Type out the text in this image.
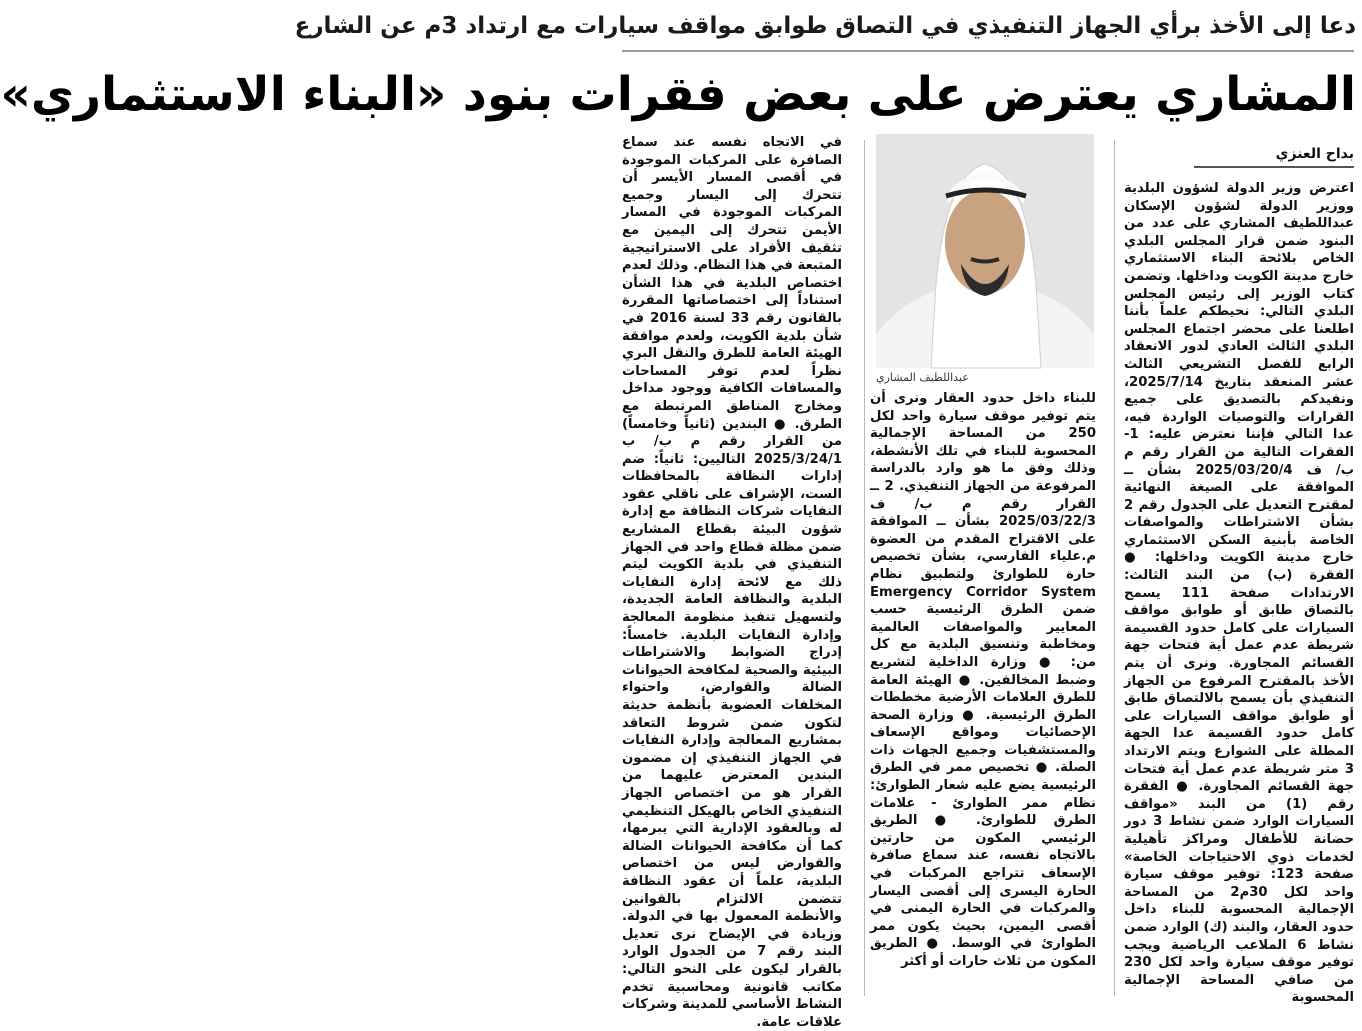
دعا إلى الأخذ برأي الجهاز التنفيذي في التصاق طوابق مواقف سيارات مع ارتداد 3م عن الشارع
المشاري يعترض على بعض فقرات بنود «البناء الاستثماري»
بداح العنزي

اعترض وزير الدولة لشؤون البلدية ووزير الدولة لشؤون الإسكان عبداللطيف المشاري على عدد من البنود ضمن قرار المجلس البلدي الخاص بلائحة البناء الاستثماري خارج مدينة الكويت وداخلها. وتضمن كتاب الوزير إلى رئيس المجلس البلدي التالي: نحيطكم علماً بأننا اطلعنا على محضر اجتماع المجلس البلدي الثالث العادي لدور الانعقاد الرابع للفصل التشريعي الثالث عشر المنعقد بتاريخ 2025/7/14، ونفيدكم بالتصديق على جميع القرارات والتوصيات الواردة فيه، عدا التالي فإننا نعترض عليه: 1- الفقرات التالية من القرار رقم م ب/ ف 2025/03/20/4 بشأن ــ الموافقة على الصيغة النهائية لمقترح التعديل على الجدول رقم 2 بشأن الاشتراطات والمواصفات الخاصة بأبنية السكن الاستثماري خارج مدينة الكويت وداخلها: ● الفقرة (ب) من البند الثالث: الارتدادات صفحة 111 يسمح بالتصاق طابق أو طوابق مواقف السيارات على كامل حدود القسيمة شريطة عدم عمل أية فتحات جهة القسائم المجاورة. ونرى أن يتم الأخذ بالمقترح المرفوع من الجهاز التنفيذي بأن يسمح بالالتصاق طابق أو طوابق مواقف السيارات على كامل حدود القسيمة عدا الجهة المطلة على الشوارع ويتم الارتداد 3 متر شريطة عدم عمل أية فتحات جهة القسائم المجاورة. ● الفقرة رقم (1) من البند «مواقف السيارات الوارد ضمن نشاط 3 دور حضانة للأطفال ومراكز تأهيلية لخدمات ذوي الاحتياجات الخاصة» صفحة 123: توفير موقف سيارة واحد لكل 30م2 من المساحة الإجمالية المحسوبة للبناء داخل حدود العقار، والبند (ك) الوارد ضمن نشاط 6 الملاعب الرياضية ويجب توفير موقف سيارة واحد لكل 230 من صافي المساحة الإجمالية المحسوبة

عبداللطيف المشاري

للبناء داخل حدود العقار ونرى أن يتم توفير موقف سيارة واحد لكل 250 من المساحة الإجمالية المحسوبة للبناء في تلك الأنشطة، وذلك وفق ما هو وارد بالدراسة المرفوعة من الجهاز التنفيذي. 2 ــ القرار رقم م ب/ ف 2025/03/22/3 بشأن ــ الموافقة على الاقتراح المقدم من العضوة م.علياء الفارسي، بشأن تخصيص حارة للطوارئ ولتطبيق نظام Emergency Corridor System ضمن الطرق الرئيسية حسب المعايير والمواصفات العالمية ومخاطبة وتنسيق البلدية مع كل من: ● وزارة الداخلية لتشريع وضبط المخالفين. ● الهيئة العامة للطرق العلامات الأرضية مخططات الطرق الرئيسية. ● وزارة الصحة الإحصائيات ومواقع الإسعاف والمستشفيات وجميع الجهات ذات الصلة. ● تخصيص ممر في الطرق الرئيسية يضع عليه شعار الطوارئ: نظام ممر الطوارئ - علامات الطرق للطوارئ. ● الطريق الرئيسي المكون من حارتين بالاتجاه نفسه، عند سماع صافرة الإسعاف تتراجع المركبات في الحارة اليسرى إلى أقصى اليسار والمركبات في الحارة اليمنى في أقصى اليمين، بحيث يكون ممر الطوارئ في الوسط. ● الطريق المكون من ثلاث حارات أو أكثر

في الاتجاه نفسه عند سماع الصافرة على المركبات الموجودة في أقصى المسار الأيسر أن تتحرك إلى اليسار وجميع المركبات الموجودة في المسار الأيمن تتحرك إلى اليمين مع تثقيف الأفراد على الاستراتيجية المتبعة في هذا النظام. وذلك لعدم اختصاص البلدية في هذا الشأن استناداً إلى اختصاصاتها المقررة بالقانون رقم 33 لسنة 2016 في شأن بلدية الكويت، ولعدم موافقة الهيئة العامة للطرق والنقل البري نظراً لعدم توفر المساحات والمسافات الكافية ووجود مداخل ومخارج المناطق المرتبطة مع الطرق. ● البندين (ثانياً وخامساً) من القرار رقم م ب/ ب 2025/3/24/1 التاليين: ثانياً: ضم إدارات النظافة بالمحافظات الست، الإشراف على ناقلي عقود النفايات شركات النظافة مع إدارة شؤون البيئة بقطاع المشاريع ضمن مظلة قطاع واحد في الجهاز التنفيذي في بلدية الكويت ليتم ذلك مع لائحة إدارة النفايات البلدية والنظافة العامة الجديدة، ولتسهيل تنفيذ منظومة المعالجة وإدارة النفايات البلدية. خامساً: إدراج الضوابط والاشتراطات البيئية والصحية لمكافحة الحيوانات الضالة والقوارض، واحتواء المخلفات العضوية بأنظمة حديثة لتكون ضمن شروط التعاقد بمشاريع المعالجة وإدارة النفايات في الجهاز التنفيذي إن مضمون البندين المعترض عليهما من القرار هو من اختصاص الجهاز التنفيذي الخاص بالهيكل التنظيمي له وبالعقود الإدارية التي يبرمها، كما أن مكافحة الحيوانات الضالة والقوارض ليس من اختصاص البلدية، علماً أن عقود النظافة تتضمن الالتزام بالقوانين والأنظمة المعمول بها في الدولة. وزيادة في الإيضاح نرى تعديل البند رقم 7 من الجدول الوارد بالقرار ليكون على النحو التالي: مكاتب قانونية ومحاسبية تخدم النشاط الأساسي للمدينة وشركات علاقات عامة.
